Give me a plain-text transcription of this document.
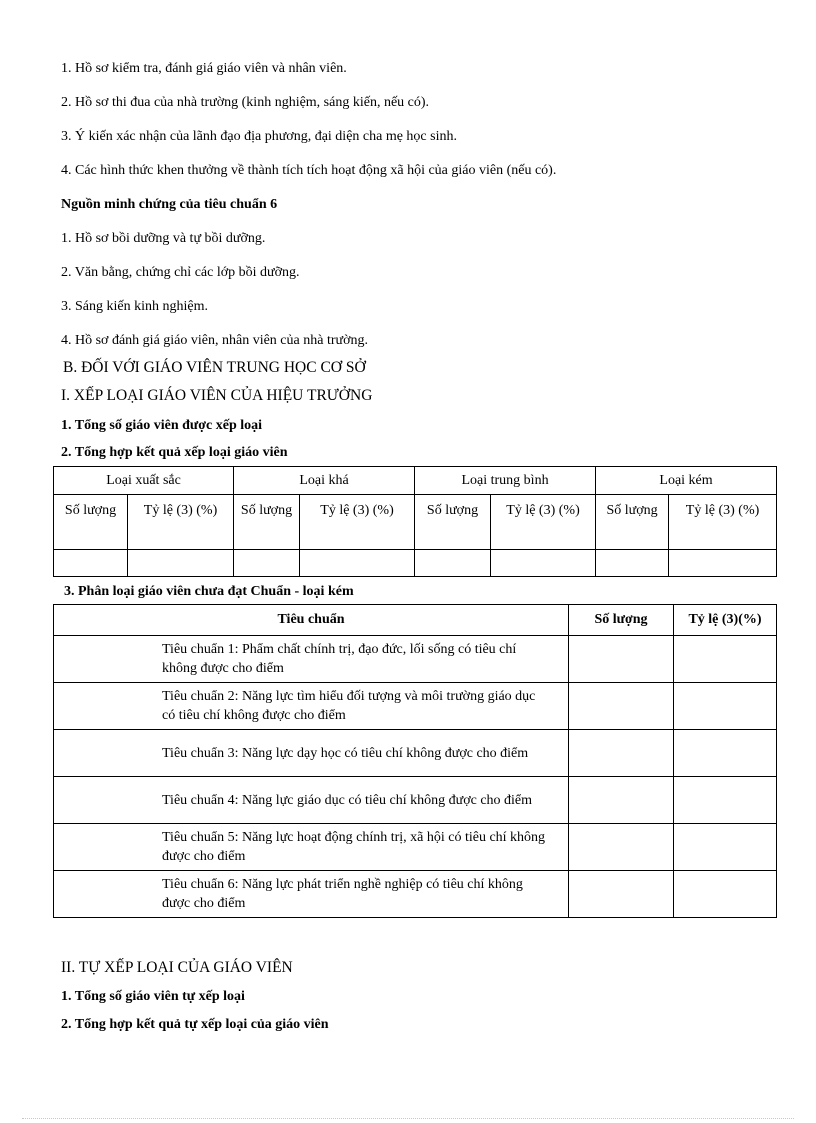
1. Hồ sơ kiểm tra, đánh giá giáo viên và nhân viên.
2. Hồ sơ thi đua của nhà trường (kinh nghiệm, sáng kiến, nếu có).
3. Ý kiến xác nhận của lãnh đạo địa phương, đại diện cha mẹ học sinh.
4. Các hình thức khen thưởng về thành tích tích hoạt động xã hội của giáo viên (nếu có).
Nguồn minh chứng của tiêu chuẩn 6
1. Hồ sơ bồi dưỡng và tự bồi dưỡng.
2. Văn bằng, chứng chỉ các lớp bồi dưỡng.
3. Sáng kiến kinh nghiệm.
4. Hồ sơ đánh giá giáo viên, nhân viên của nhà trường.
B. ĐỐI VỚI GIÁO VIÊN TRUNG HỌC CƠ SỞ
I. XẾP LOẠI GIÁO VIÊN CỦA HIỆU TRƯỞNG
1. Tổng số giáo viên được xếp loại
2. Tổng hợp kết quả xếp loại giáo viên
Loại xuất sắc		Loại khá		Loại trung bình		Loại kém	
Số lượng	Tỷ lệ (3) (%)	Số lượng	Tỷ lệ (3) (%)	Số lượng	Tỷ lệ (3) (%)	Số lượng	Tỷ lệ (3) (%)

3. Phân loại giáo viên chưa đạt Chuẩn - loại kém
Tiêu chuẩn	Số lượng	Tỷ lệ (3)(%)
Tiêu chuẩn 1: Phẩm chất chính trị, đạo đức, lối sống có tiêu chí không được cho điểm		
Tiêu chuẩn 2: Năng lực tìm hiểu đối tượng và môi trường giáo dục có tiêu chí không được cho điểm		
Tiêu chuẩn 3: Năng lực dạy học có tiêu chí không được cho điểm		
Tiêu chuẩn 4: Năng lực giáo dục có tiêu chí không được cho điểm		
Tiêu chuẩn 5: Năng lực hoạt động chính trị, xã hội có tiêu chí không được cho điểm		
Tiêu chuẩn 6: Năng lực phát triển nghề nghiệp có tiêu chí không được cho điểm		
II. TỰ XẾP LOẠI CỦA GIÁO VIÊN
1. Tổng số giáo viên tự xếp loại
2. Tổng hợp kết quả tự xếp loại của giáo viên
